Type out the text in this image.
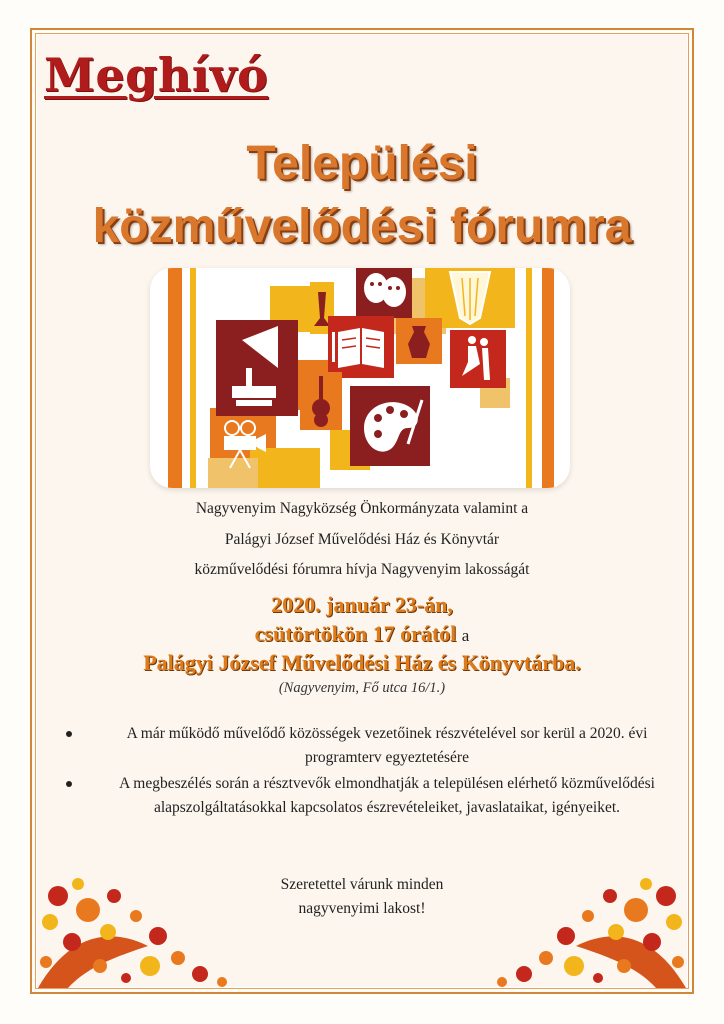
Meghívó
Települési
közművelődési fórumra
Nagyvenyim Nagyközség Önkormányzata valamint a
Palágyi József Művelődési Ház és Könyvtár
közművelődési fórumra hívja Nagyvenyim lakosságát
2020. január 23-án,
csütörtökön 17 órától a
Palágyi József Művelődési Ház és Könyvtárba.
(Nagyvenyim, Fő utca 16/1.)
A már működő művelődő közösségek vezetőinek részvételével sor kerül a 2020. évi programterv egyeztetésére
A megbeszélés során a résztvevők elmondhatják a településen elérhető közművelődési alapszolgáltatásokkal kapcsolatos észrevételeiket, javaslataikat, igényeiket.
Szeretettel várunk minden
nagyvenyimi lakost!
